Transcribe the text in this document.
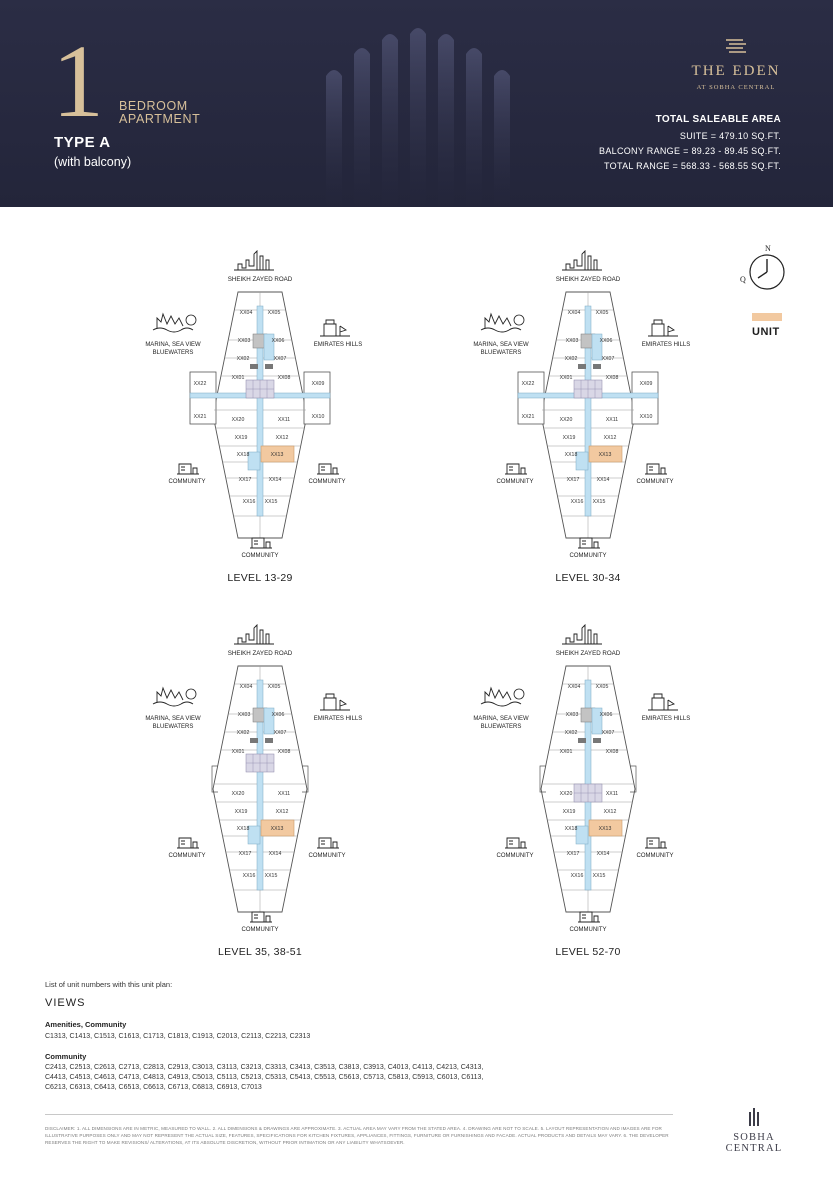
1 BEDROOM
APARTMENT
TYPE A
(with balcony)
THE EDEN
AT SOBHA CENTRAL
TOTAL SALEABLE AREA
SUITE = 479.10 SQ.FT.
BALCONY RANGE = 89.23 - 89.45 SQ.FT.
TOTAL RANGE = 568.33 - 568.55 SQ.FT.
N
Q
UNIT
XX04	XX05
XX03	XX06
XX02	XX07
XX01	XX08
XX20	XX11
XX19	XX12
XX18	XX13
XX17	XX14
XX16 XX15
XX22	XX09
XX21	XX10
SHEIKH ZAYED ROAD
MARINA, SEA VIEW
BLUEWATERS
EMIRATES HILLS
COMMUNITY	COMMUNITY
COMMUNITY
LEVEL 13-29
XX04	XX05
XX03	XX06
XX02	XX07
XX01	XX08
XX20	XX11
XX19	XX12
XX18	XX13
XX17	XX14
XX16 XX15
XX22	XX09
XX21	XX10
SHEIKH ZAYED ROAD
MARINA, SEA VIEW
BLUEWATERS
EMIRATES HILLS
COMMUNITY	COMMUNITY
COMMUNITY
LEVEL 30-34
XX04	XX05
XX03	XX06
XX02	XX07
XX01	XX08
XX20	XX11
XX19	XX12
XX18	XX13
XX17	XX14
XX16 XX15
SHEIKH ZAYED ROAD
MARINA, SEA VIEW
BLUEWATERS
EMIRATES HILLS
COMMUNITY	COMMUNITY
COMMUNITY
LEVEL 35, 38-51
XX04	XX05
XX03	XX06
XX02	XX07
XX01	XX08
XX20	XX11
XX19	XX12
XX18	XX13
XX17	XX14
XX16 XX15
SHEIKH ZAYED ROAD
MARINA, SEA VIEW
BLUEWATERS
EMIRATES HILLS
COMMUNITY	COMMUNITY
COMMUNITY
LEVEL 52-70
List of unit numbers with this unit plan:
VIEWS
Amenities, Community
C1313, C1413, C1513, C1613, C1713, C1813, C1913, C2013, C2113, C2213, C2313
Community
C2413, C2513, C2613, C2713, C2813, C2913, C3013, C3113, C3213, C3313, C3413, C3513, C3813, C3913, C4013, C4113, C4213, C4313, C4413, C4513, C4613, C4713, C4813, C4913, C5013, C5113, C5213, C5313, C5413, C5513, C5613, C5713, C5813, C5913, C6013, C6113, C6213, C6313, C6413, C6513, C6613, C6713, C6813, C6913, C7013
DISCLAIMER: 1. ALL DIMENSIONS ARE IN METRIC, MEASURED TO WALL. 2. ALL DIMENSIONS & DRAWINGS ARE APPROXIMATE. 3. ACTUAL AREA MAY VARY FROM THE STATED AREA. 4. DRAWING ARE NOT TO SCALE. 5. LAYOUT REPRESENTATION AND IMAGES ARE FOR ILLUSTRATIVE PURPOSES ONLY AND MAY NOT REPRESENT THE ACTUAL SIZE, FEATURES, SPECIFICATIONS FOR KITCHEN FIXTURES, APPLIANCES, FITTINGS, FURNITURE OR FURNISHINGS AND FACADE. ACTUAL PRODUCTS AND DETAILS MAY VARY. 6. THE DEVELOPER RESERVES THE RIGHT TO MAKE REVISIONS/ ALTERATIONS, AT ITS ABSOLUTE DISCRETION, WITHOUT PRIOR INTIMATION OR ANY LIABILITY WHATSOEVER.	SOBHA CENTRAL
